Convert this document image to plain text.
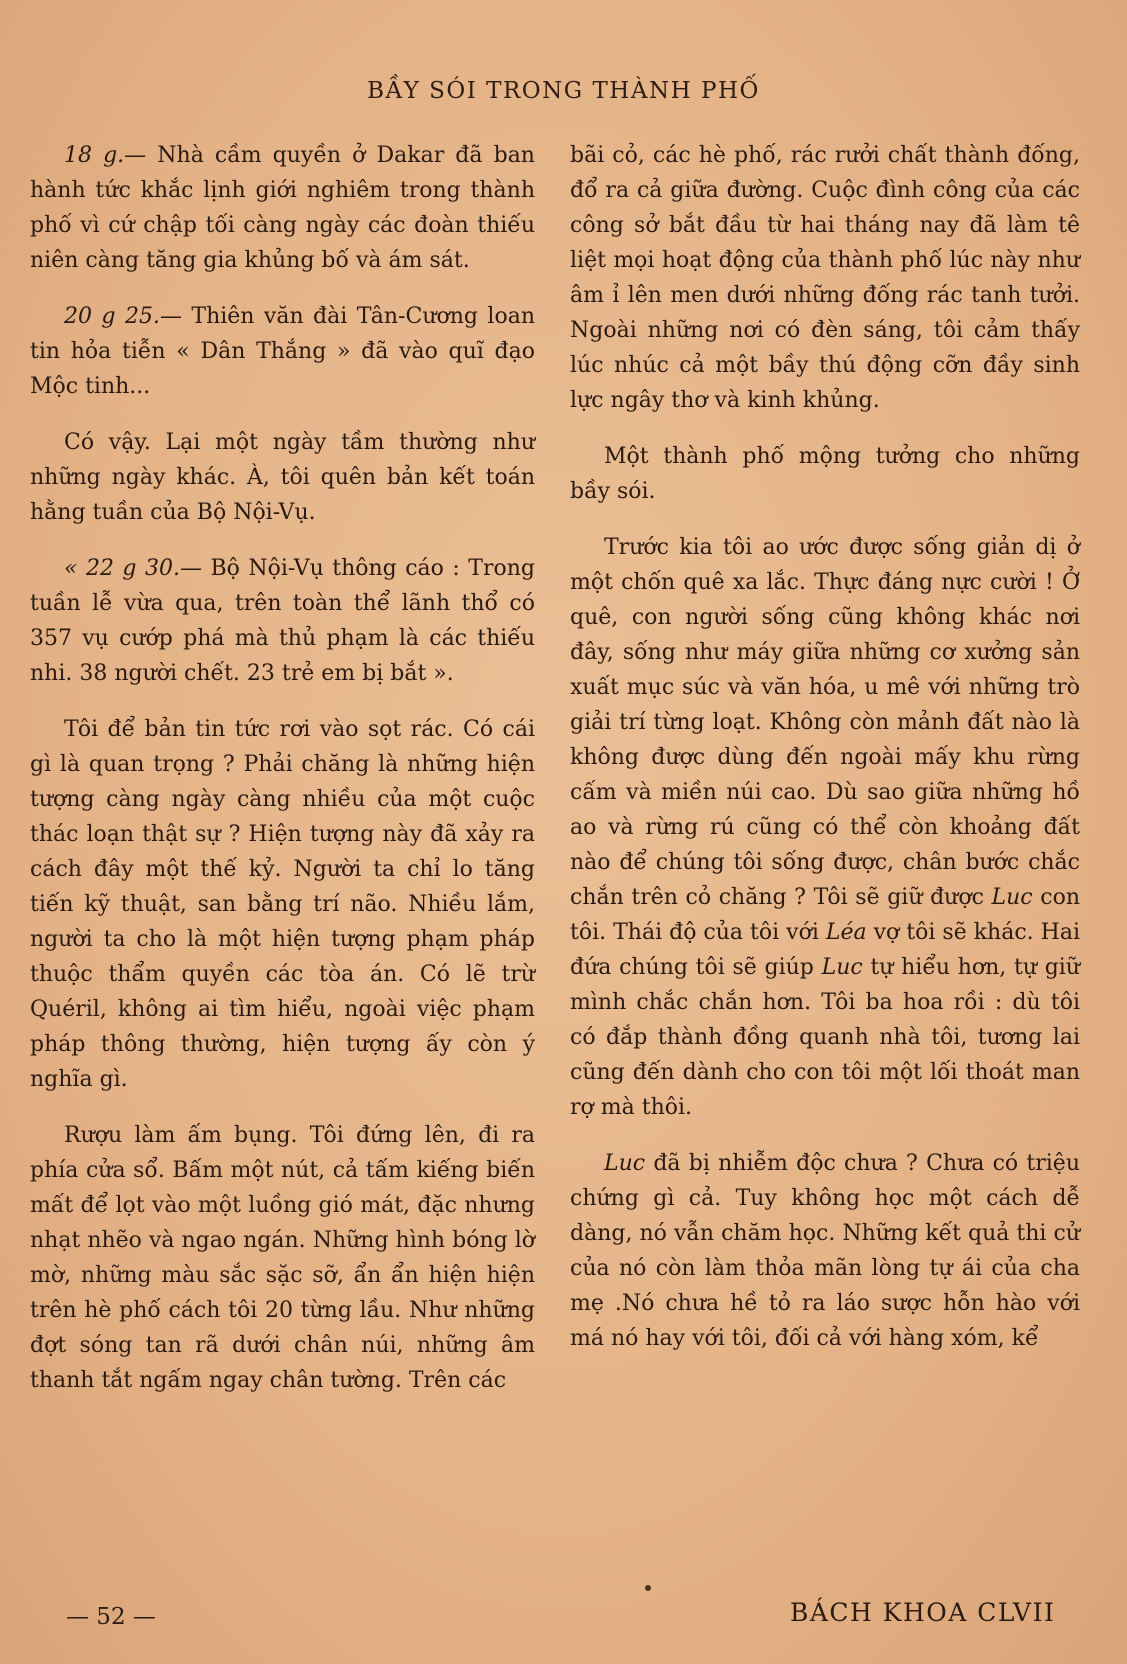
BẦY SÓI TRONG THÀNH PHỐ

18 g.— Nhà cầm quyền ở Dakar đã ban hành tức khắc lịnh giới nghiêm trong thành phố vì cứ chập tối càng ngày các đoàn thiếu niên càng tăng gia khủng bố và ám sát.

20 g 25.— Thiên văn đài Tân-Cương loan tin hỏa tiễn « Dân Thắng » đã vào quĩ đạo Mộc tinh...

Có vậy. Lại một ngày tầm thường như những ngày khác. À, tôi quên bản kết toán hằng tuần của Bộ Nội-Vụ.

« 22 g 30.— Bộ Nội-Vụ thông cáo : Trong tuần lễ vừa qua, trên toàn thể lãnh thổ có 357 vụ cướp phá mà thủ phạm là các thiếu nhi. 38 người chết. 23 trẻ em bị bắt ».

Tôi để bản tin tức rơi vào sọt rác. Có cái gì là quan trọng ? Phải chăng là những hiện tượng càng ngày càng nhiều của một cuộc thác loạn thật sự ? Hiện tượng này đã xảy ra cách đây một thế kỷ. Người ta chỉ lo tăng tiến kỹ thuật, san bằng trí não. Nhiều lắm, người ta cho là một hiện tượng phạm pháp thuộc thẩm quyền các tòa án. Có lẽ trừ Quéril, không ai tìm hiểu, ngoài việc phạm pháp thông thường, hiện tượng ấy còn ý nghĩa gì.

Rượu làm ấm bụng. Tôi đứng lên, đi ra phía cửa sổ. Bấm một nút, cả tấm kiếng biến mất để lọt vào một luồng gió mát, đặc nhưng nhạt nhẽo và ngao ngán. Những hình bóng lờ mờ, những màu sắc sặc sỡ, ẩn ẩn hiện hiện trên hè phố cách tôi 20 từng lầu. Như những đợt sóng tan rã dưới chân núi, những âm thanh tắt ngấm ngay chân tường. Trên các

bãi cỏ, các hè phố, rác rưởi chất thành đống, đổ ra cả giữa đường. Cuộc đình công của các công sở bắt đầu từ hai tháng nay đã làm tê liệt mọi hoạt động của thành phố lúc này như âm ỉ lên men dưới những đống rác tanh tưởi. Ngoài những nơi có đèn sáng, tôi cảm thấy lúc nhúc cả một bầy thú động cỡn đầy sinh lực ngây thơ và kinh khủng.

Một thành phố mộng tưởng cho những bầy sói.

Trước kia tôi ao ước được sống giản dị ở một chốn quê xa lắc. Thực đáng nực cười ! Ở quê, con người sống cũng không khác nơi đây, sống như máy giữa những cơ xưởng sản xuất mục súc và văn hóa, u mê với những trò giải trí từng loạt. Không còn mảnh đất nào là không được dùng đến ngoài mấy khu rừng cấm và miền núi cao. Dù sao giữa những hồ ao và rừng rú cũng có thể còn khoảng đất nào để chúng tôi sống được, chân bước chắc chắn trên cỏ chăng ? Tôi sẽ giữ được Luc con tôi. Thái độ của tôi với Léa vợ tôi sẽ khác. Hai đứa chúng tôi sẽ giúp Luc tự hiểu hơn, tự giữ mình chắc chắn hơn. Tôi ba hoa rồi : dù tôi có đắp thành đồng quanh nhà tôi, tương lai cũng đến dành cho con tôi một lối thoát man rợ mà thôi.

Luc đã bị nhiễm độc chưa ? Chưa có triệu chứng gì cả. Tuy không học một cách dễ dàng, nó vẫn chăm học. Những kết quả thi cử của nó còn làm thỏa mãn lòng tự ái của cha mẹ .Nó chưa hề tỏ ra láo sược hỗn hào với má nó hay với tôi, đối cả với hàng xóm, kể

— 52 —	BÁCH KHOA CLVII
